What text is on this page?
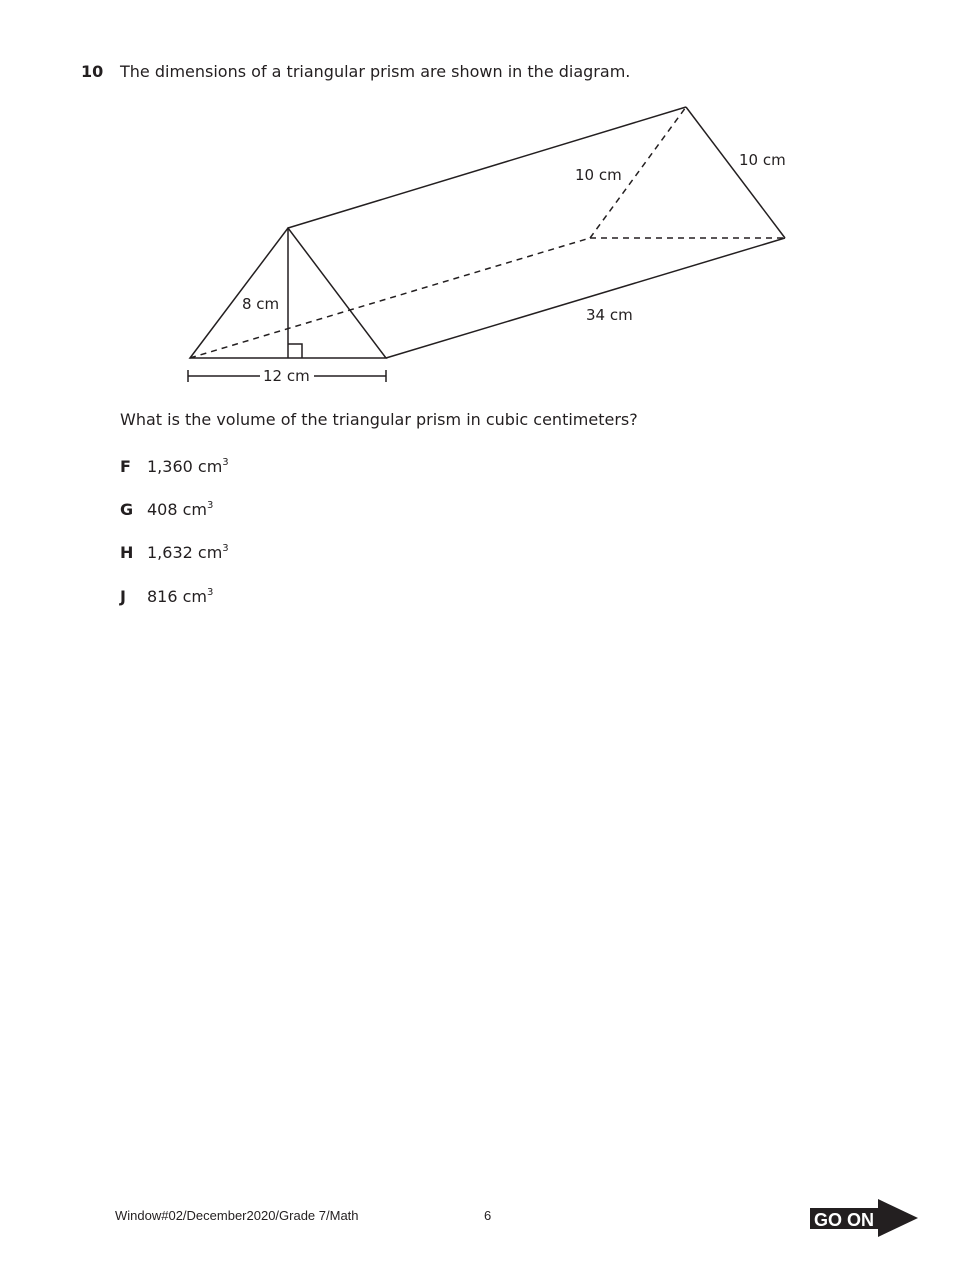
10 The dimensions of a triangular prism are shown in the diagram.
8 cm
12 cm
34 cm
10 cm
10 cm
What is the volume of the triangular prism in cubic centimeters?
F 1,360 $cm^3$
G 408 $cm^3$
H 1,632 $cm^3$
J 816 $cm^3$
Window#02/December2020/Grade 7/Math	6	GO ON
